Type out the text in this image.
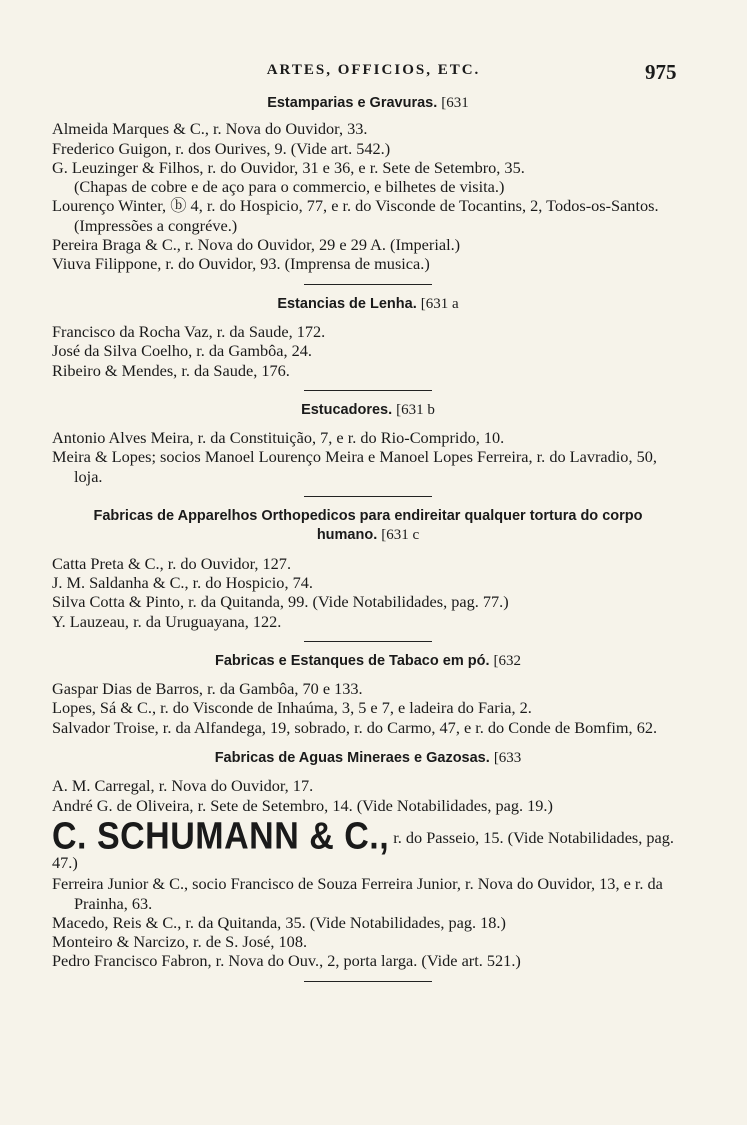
ARTES, OFFICIOS, ETC.	975
Estamparias e Gravuras. [631
Almeida Marques & C., r. Nova do Ouvidor, 33.
Frederico Guigon, r. dos Ourives, 9. (Vide art. 542.)
G. Leuzinger & Filhos, r. do Ouvidor, 31 e 36, e r. Sete de Setembro, 35.
(Chapas de cobre e de aço para o commercio, e bilhetes de visita.)
Lourenço Winter, ⓑ 4, r. do Hospicio, 77, e r. do Visconde de Tocantins, 2, Todos-os-Santos. (Impressões a congréve.)
Pereira Braga & C., r. Nova do Ouvidor, 29 e 29 A. (Imperial.)
Viuva Filippone, r. do Ouvidor, 93. (Imprensa de musica.)
Estancias de Lenha. [631 a
Francisco da Rocha Vaz, r. da Saude, 172.
José da Silva Coelho, r. da Gambôa, 24.
Ribeiro & Mendes, r. da Saude, 176.
Estucadores. [631 b
Antonio Alves Meira, r. da Constituição, 7, e r. do Rio-Comprido, 10.
Meira & Lopes; socios Manoel Lourenço Meira e Manoel Lopes Ferreira, r. do Lavradio, 50, loja.
Fabricas de Apparelhos Orthopedicos para endireitar qualquer tortura do corpo humano. [631 c
Catta Preta & C., r. do Ouvidor, 127.
J. M. Saldanha & C., r. do Hospicio, 74.
Silva Cotta & Pinto, r. da Quitanda, 99. (Vide Notabilidades, pag. 77.)
Y. Lauzeau, r. da Uruguayana, 122.
Fabricas e Estanques de Tabaco em pó. [632
Gaspar Dias de Barros, r. da Gambôa, 70 e 133.
Lopes, Sá & C., r. do Visconde de Inhaúma, 3, 5 e 7, e ladeira do Faria, 2.
Salvador Troise, r. da Alfandega, 19, sobrado, r. do Carmo, 47, e r. do Conde de Bomfim, 62.
Fabricas de Aguas Mineraes e Gazosas. [633
A. M. Carregal, r. Nova do Ouvidor, 17.
André G. de Oliveira, r. Sete de Setembro, 14. (Vide Notabilidades, pag. 19.)
C. SCHUMANN & C., r. do Passeio, 15. (Vide Notabilidades, pag. 47.)
Ferreira Junior & C., socio Francisco de Souza Ferreira Junior, r. Nova do Ouvidor, 13, e r. da Prainha, 63.
Macedo, Reis & C., r. da Quitanda, 35. (Vide Notabilidades, pag. 18.)
Monteiro & Narcizo, r. de S. José, 108.
Pedro Francisco Fabron, r. Nova do Ouv., 2, porta larga. (Vide art. 521.)
